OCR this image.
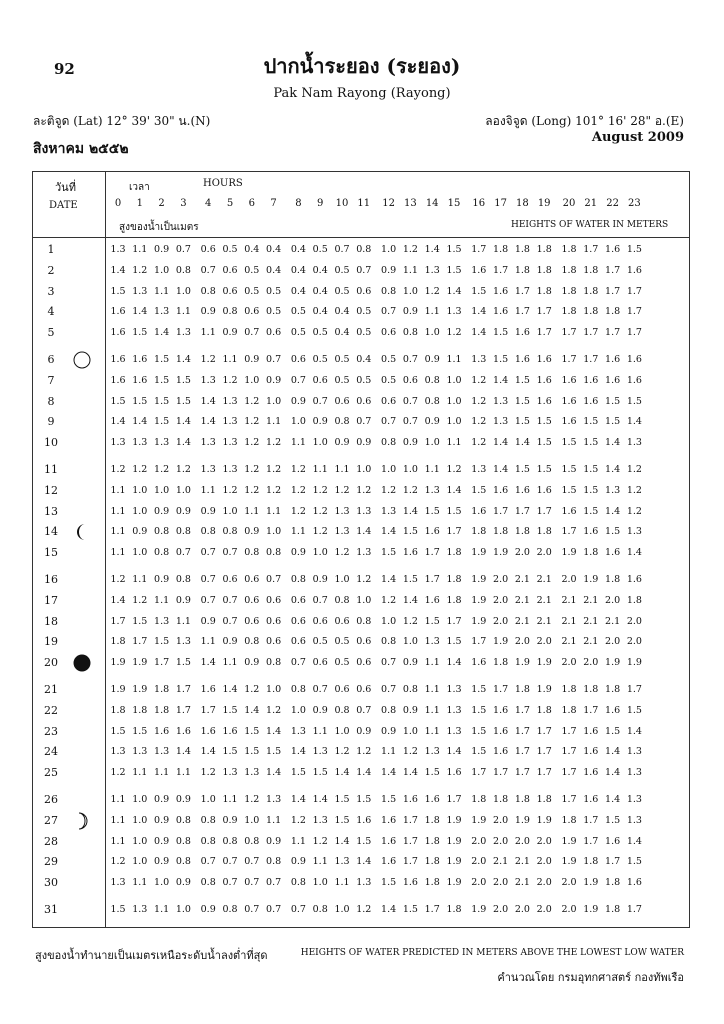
92	ปากน้ำระยอง (ระยอง)
Pak Nam Rayong (Rayong)
ละติจูด (Lat) 12° 39' 30" น.(N)	ลองจิจูด (Long) 101° 16' 28" อ.(E)
สิงหาคม ๒๕๕๒
August 2009
วันที่
DATE
เวลา	HOURS
สูงของน้ำเป็นเมตร	HEIGHTS OF WATER IN METERS
0	1	2	3	4	5	6	7	8	9	10 11	12 13 14 15	16 17 18 19	20 21 22 23
1	1.3 1.1 0.9 0.7 0.6 0.5 0.4 0.4 0.4 0.5 0.7 0.8 1.0 1.2 1.4 1.5 1.7 1.8 1.8 1.8 1.8 1.7 1.6 1.5
2	1.4 1.2 1.0 0.8 0.7 0.6 0.5 0.4 0.4 0.4 0.5 0.7 0.9 1.1 1.3 1.5 1.6 1.7 1.8 1.8 1.8 1.8 1.7 1.6
3	1.5 1.3 1.1 1.0 0.8 0.6 0.5 0.5 0.4 0.4 0.5 0.6 0.8 1.0 1.2 1.4 1.5 1.6 1.7 1.8 1.8 1.8 1.7 1.7
4	1.6 1.4 1.3 1.1 0.9 0.8 0.6 0.5 0.5 0.4 0.4 0.5 0.7 0.9 1.1 1.3 1.4 1.6 1.7 1.7 1.8 1.8 1.8 1.7
5	1.6 1.5 1.4 1.3 1.1 0.9 0.7 0.6 0.5 0.5 0.4 0.5 0.6 0.8 1.0 1.2 1.4 1.5 1.6 1.7 1.7 1.7 1.7 1.7
6	1.6 1.6 1.5 1.4 1.2 1.1 0.9 0.7 0.6 0.5 0.5 0.4 0.5 0.7 0.9 1.1 1.3 1.5 1.6 1.6 1.7 1.7 1.6 1.6
7	1.6 1.6 1.5 1.5 1.3 1.2 1.0 0.9 0.7 0.6 0.5 0.5 0.5 0.6 0.8 1.0 1.2 1.4 1.5 1.6 1.6 1.6 1.6 1.6
8	1.5 1.5 1.5 1.5 1.4 1.3 1.2 1.0 0.9 0.7 0.6 0.6 0.6 0.7 0.8 1.0 1.2 1.3 1.5 1.6 1.6 1.6 1.5 1.5
9	1.4 1.4 1.5 1.4 1.4 1.3 1.2 1.1 1.0 0.9 0.8 0.7 0.7 0.7 0.9 1.0 1.2 1.3 1.5 1.5 1.6 1.5 1.5 1.4
10	1.3 1.3 1.3 1.4 1.3 1.3 1.2 1.2 1.1 1.0 0.9 0.9 0.8 0.9 1.0 1.1 1.2 1.4 1.4 1.5 1.5 1.5 1.4 1.3
11	1.2 1.2 1.2 1.2 1.3 1.3 1.2 1.2 1.2 1.1 1.1 1.0 1.0 1.0 1.1 1.2 1.3 1.4 1.5 1.5 1.5 1.5 1.4 1.2
12	1.1 1.0 1.0 1.0 1.1 1.2 1.2 1.2 1.2 1.2 1.2 1.2 1.2 1.2 1.3 1.4 1.5 1.6 1.6 1.6 1.5 1.5 1.3 1.2
13	1.1 1.0 0.9 0.9 0.9 1.0 1.1 1.1 1.2 1.2 1.3 1.3 1.3 1.4 1.5 1.5 1.6 1.7 1.7 1.7 1.6 1.5 1.4 1.2
14	1.1 0.9 0.8 0.8 0.8 0.8 0.9 1.0 1.1 1.2 1.3 1.4 1.4 1.5 1.6 1.7 1.8 1.8 1.8 1.8 1.7 1.6 1.5 1.3
15	1.1 1.0 0.8 0.7 0.7 0.7 0.8 0.8 0.9 1.0 1.2 1.3 1.5 1.6 1.7 1.8 1.9 1.9 2.0 2.0 1.9 1.8 1.6 1.4
16	1.2 1.1 0.9 0.8 0.7 0.6 0.6 0.7 0.8 0.9 1.0 1.2 1.4 1.5 1.7 1.8 1.9 2.0 2.1 2.1 2.0 1.9 1.8 1.6
17	1.4 1.2 1.1 0.9 0.7 0.7 0.6 0.6 0.6 0.7 0.8 1.0 1.2 1.4 1.6 1.8 1.9 2.0 2.1 2.1 2.1 2.1 2.0 1.8
18	1.7 1.5 1.3 1.1 0.9 0.7 0.6 0.6 0.6 0.6 0.6 0.8 1.0 1.2 1.5 1.7 1.9 2.0 2.1 2.1 2.1 2.1 2.1 2.0
19	1.8 1.7 1.5 1.3 1.1 0.9 0.8 0.6 0.6 0.5 0.5 0.6 0.8 1.0 1.3 1.5 1.7 1.9 2.0 2.0 2.1 2.1 2.0 2.0
20	1.9 1.9 1.7 1.5 1.4 1.1 0.9 0.8 0.7 0.6 0.5 0.6 0.7 0.9 1.1 1.4 1.6 1.8 1.9 1.9 2.0 2.0 1.9 1.9
21	1.9 1.9 1.8 1.7 1.6 1.4 1.2 1.0 0.8 0.7 0.6 0.6 0.7 0.8 1.1 1.3 1.5 1.7 1.8 1.9 1.8 1.8 1.8 1.7
22	1.8 1.8 1.8 1.7 1.7 1.5 1.4 1.2 1.0 0.9 0.8 0.7 0.8 0.9 1.1 1.3 1.5 1.6 1.7 1.8 1.8 1.7 1.6 1.5
23	1.5 1.5 1.6 1.6 1.6 1.6 1.5 1.4 1.3 1.1 1.0 0.9 0.9 1.0 1.1 1.3 1.5 1.6 1.7 1.7 1.7 1.6 1.5 1.4
24	1.3 1.3 1.3 1.4 1.4 1.5 1.5 1.5 1.4 1.3 1.2 1.2 1.1 1.2 1.3 1.4 1.5 1.6 1.7 1.7 1.7 1.6 1.4 1.3
25	1.2 1.1 1.1 1.1 1.2 1.3 1.3 1.4 1.5 1.5 1.4 1.4 1.4 1.4 1.5 1.6 1.7 1.7 1.7 1.7 1.7 1.6 1.4 1.3
26	1.1 1.0 0.9 0.9 1.0 1.1 1.2 1.3 1.4 1.4 1.5 1.5 1.5 1.6 1.6 1.7 1.8 1.8 1.8 1.8 1.7 1.6 1.4 1.3
27	1.1 1.0 0.9 0.8 0.8 0.9 1.0 1.1 1.2 1.3 1.5 1.6 1.6 1.7 1.8 1.9 1.9 2.0 1.9 1.9 1.8 1.7 1.5 1.3
28	1.1 1.0 0.9 0.8 0.8 0.8 0.8 0.9 1.1 1.2 1.4 1.5 1.6 1.7 1.8 1.9 2.0 2.0 2.0 2.0 1.9 1.7 1.6 1.4
29	1.2 1.0 0.9 0.8 0.7 0.7 0.7 0.8 0.9 1.1 1.3 1.4 1.6 1.7 1.8 1.9 2.0 2.1 2.1 2.0 1.9 1.8 1.7 1.5
30	1.3 1.1 1.0 0.9 0.8 0.7 0.7 0.7 0.8 1.0 1.1 1.3 1.5 1.6 1.8 1.9 2.0 2.0 2.1 2.0 2.0 1.9 1.8 1.6
31	1.5 1.3 1.1 1.0 0.9 0.8 0.7 0.7 0.7 0.8 1.0 1.2 1.4 1.5 1.7 1.8 1.9 2.0 2.0 2.0 2.0 1.9 1.8 1.7
สูงของน้ำทำนายเป็นเมตรเหนือระดับน้ำลงต่ำที่สุด	HEIGHTS OF WATER PREDICTED IN METERS ABOVE THE LOWEST LOW WATER
คำนวณโดย กรมอุทกศาสตร์ กองทัพเรือ
